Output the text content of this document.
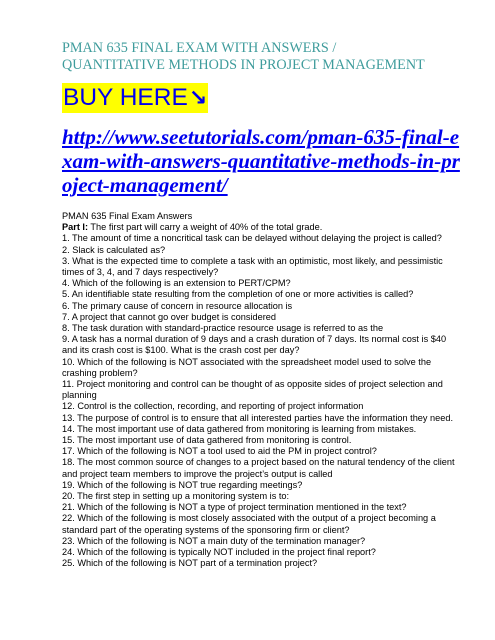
PMAN 635 FINAL EXAM WITH ANSWERS /
QUANTITATIVE METHODS IN PROJECT MANAGEMENT
BUY HERE↘
http://www.seetutorials.com/pman-635-final-exam-with-answers-quantitative-methods-in-project-management/
PMAN 635 Final Exam Answers
Part I: The first part will carry a weight of 40% of the total grade.
1. The amount of time a noncritical task can be delayed without delaying the project is called?
2. Slack is calculated as?
3. What is the expected time to complete a task with an optimistic, most likely, and pessimistic times of 3, 4, and 7 days respectively?
4. Which of the following is an extension to PERT/CPM?
5. An identifiable state resulting from the completion of one or more activities is called?
6. The primary cause of concern in resource allocation is
7. A project that cannot go over budget is considered
8. The task duration with standard-practice resource usage is referred to as the
9. A task has a normal duration of 9 days and a crash duration of 7 days. Its normal cost is $40 and its crash cost is $100. What is the crash cost per day?
10. Which of the following is NOT associated with the spreadsheet model used to solve the crashing problem?
11. Project monitoring and control can be thought of as opposite sides of project selection and planning
12. Control is the collection, recording, and reporting of project information
13. The purpose of control is to ensure that all interested parties have the information they need.
14. The most important use of data gathered from monitoring is learning from mistakes.
15. The most important use of data gathered from monitoring is control.
17. Which of the following is NOT a tool used to aid the PM in project control?
18. The most common source of changes to a project based on the natural tendency of the client and project team members to improve the project’s output is called
19. Which of the following is NOT true regarding meetings?
20. The first step in setting up a monitoring system is to:
21. Which of the following is NOT a type of project termination mentioned in the text?
22. Which of the following is most closely associated with the output of a project becoming a standard part of the operating systems of the sponsoring firm or client?
23. Which of the following is NOT a main duty of the termination manager?
24. Which of the following is typically NOT included in the project final report?
25. Which of the following is NOT part of a termination project?
